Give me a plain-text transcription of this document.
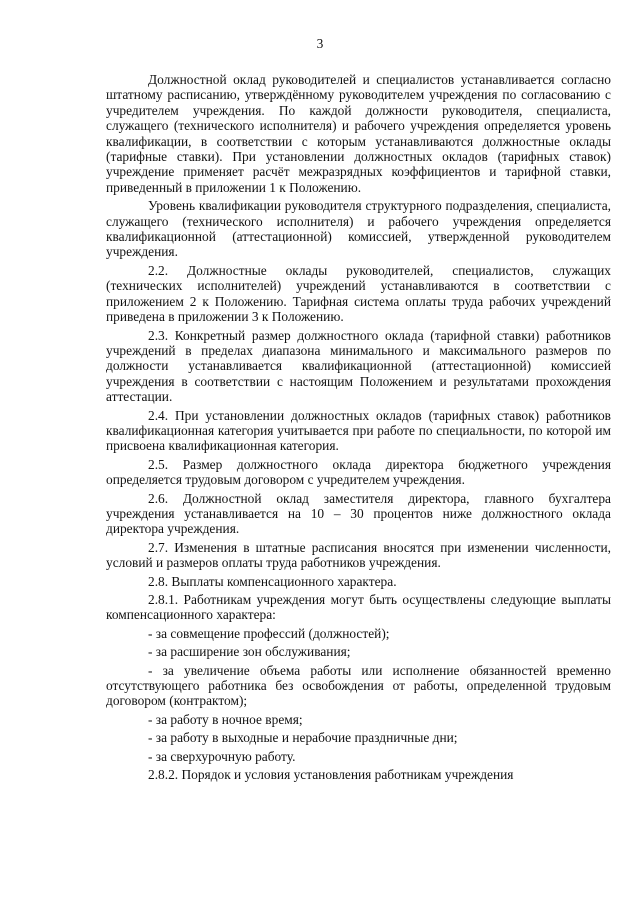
3

Должностной оклад руководителей и специалистов устанавливается согласно штатному расписанию, утверждённому руководителем учреждения по согласованию с учредителем учреждения. По каждой должности руководителя, специалиста, служащего (технического исполнителя) и рабочего учреждения определяется уровень квалификации, в соответствии с которым устанавливаются должностные оклады (тарифные ставки). При установлении должностных окладов (тарифных ставок) учреждение применяет расчёт межразрядных коэффициентов и тарифной ставки, приведенный в приложении 1 к Положению.

Уровень квалификации руководителя структурного подразделения, специалиста, служащего (технического исполнителя) и рабочего учреждения определяется квалификационной (аттестационной) комиссией, утвержденной руководителем учреждения.

2.2. Должностные оклады руководителей, специалистов, служащих (технических исполнителей) учреждений устанавливаются в соответствии с приложением 2 к Положению. Тарифная система оплаты труда рабочих учреждений приведена в приложении 3 к Положению.

2.3. Конкретный размер должностного оклада (тарифной ставки) работников учреждений в пределах диапазона минимального и максимального размеров по должности устанавливается квалификационной (аттестационной) комиссией учреждения в соответствии с настоящим Положением и результатами прохождения аттестации.

2.4. При установлении должностных окладов (тарифных ставок) работников квалификационная категория учитывается при работе по специальности, по которой им присвоена квалификационная категория.

2.5. Размер должностного оклада директора бюджетного учреждения определяется трудовым договором с учредителем учреждения.

2.6. Должностной оклад заместителя директора, главного бухгалтера учреждения устанавливается на 10 – 30 процентов ниже должностного оклада директора учреждения.

2.7. Изменения в штатные расписания вносятся при изменении численности, условий и размеров оплаты труда работников учреждения.

2.8. Выплаты компенсационного характера.

2.8.1. Работникам учреждения могут быть осуществлены следующие выплаты компенсационного характера:

- за совмещение профессий (должностей);

- за расширение зон обслуживания;

- за увеличение объема работы или исполнение обязанностей временно отсутствующего работника без освобождения от работы, определенной трудовым договором (контрактом);

- за работу в ночное время;

- за работу в выходные и нерабочие праздничные дни;

- за сверхурочную работу.

2.8.2. Порядок и условия установления работникам учреждения
